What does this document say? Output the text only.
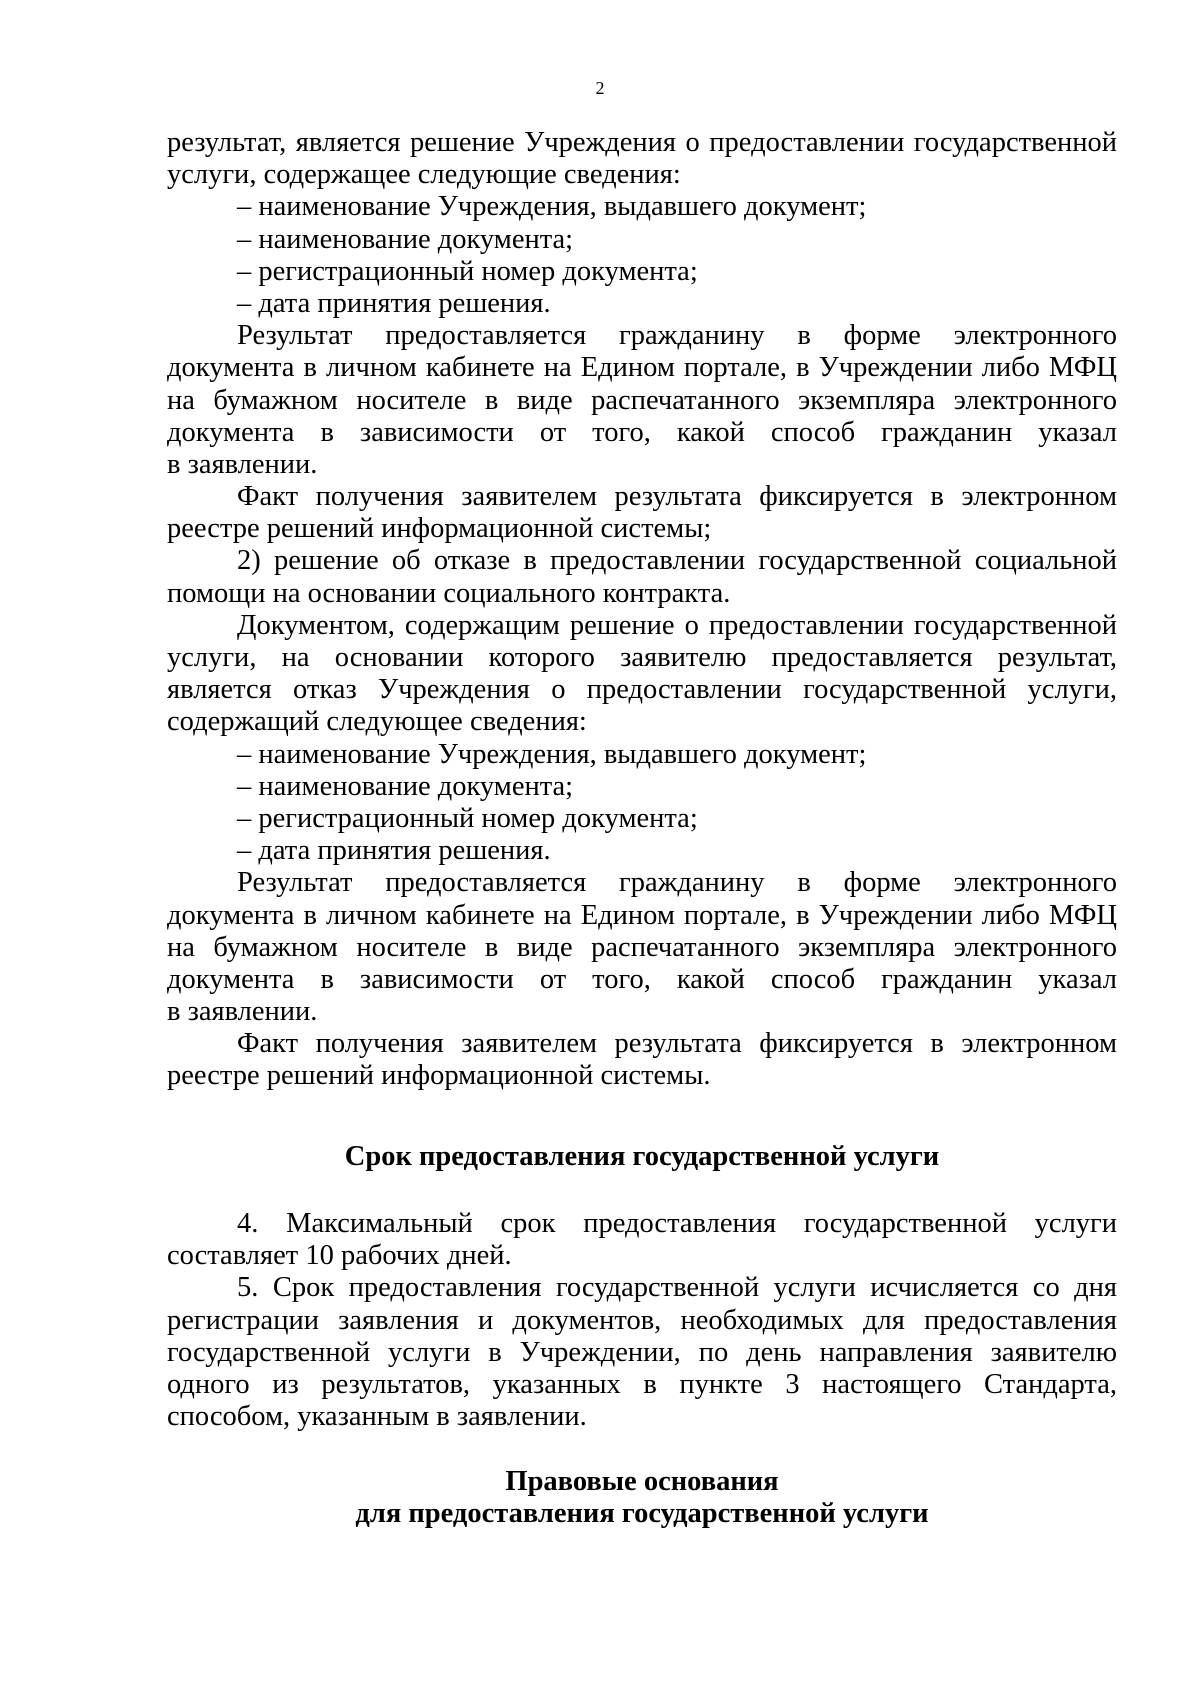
2
результат, является решение Учреждения о предоставлении государственной
услуги, содержащее следующие сведения:
– наименование Учреждения, выдавшего документ;
– наименование документа;
– регистрационный номер документа;
– дата принятия решения.
Результат предоставляется гражданину в форме электронного
документа в личном кабинете на Едином портале, в Учреждении либо МФЦ
на бумажном носителе в виде распечатанного экземпляра электронного
документа в зависимости от того, какой способ гражданин указал
в заявлении.
Факт получения заявителем результата фиксируется в электронном
реестре решений информационной системы;
2) решение об отказе в предоставлении государственной социальной
помощи на основании социального контракта.
Документом, содержащим решение о предоставлении государственной
услуги, на основании которого заявителю предоставляется результат,
является отказ Учреждения о предоставлении государственной услуги,
содержащий следующее сведения:
– наименование Учреждения, выдавшего документ;
– наименование документа;
– регистрационный номер документа;
– дата принятия решения.
Результат предоставляется гражданину в форме электронного
документа в личном кабинете на Едином портале, в Учреждении либо МФЦ
на бумажном носителе в виде распечатанного экземпляра электронного
документа в зависимости от того, какой способ гражданин указал
в заявлении.
Факт получения заявителем результата фиксируется в электронном
реестре решений информационной системы.
Срок предоставления государственной услуги
4. Максимальный срок предоставления государственной услуги
составляет 10 рабочих дней.
5. Срок предоставления государственной услуги исчисляется со дня
регистрации заявления и документов, необходимых для предоставления
государственной услуги в Учреждении, по день направления заявителю
одного из результатов, указанных в пункте 3 настоящего Стандарта,
способом, указанным в заявлении.
Правовые основания
для предоставления государственной услуги
